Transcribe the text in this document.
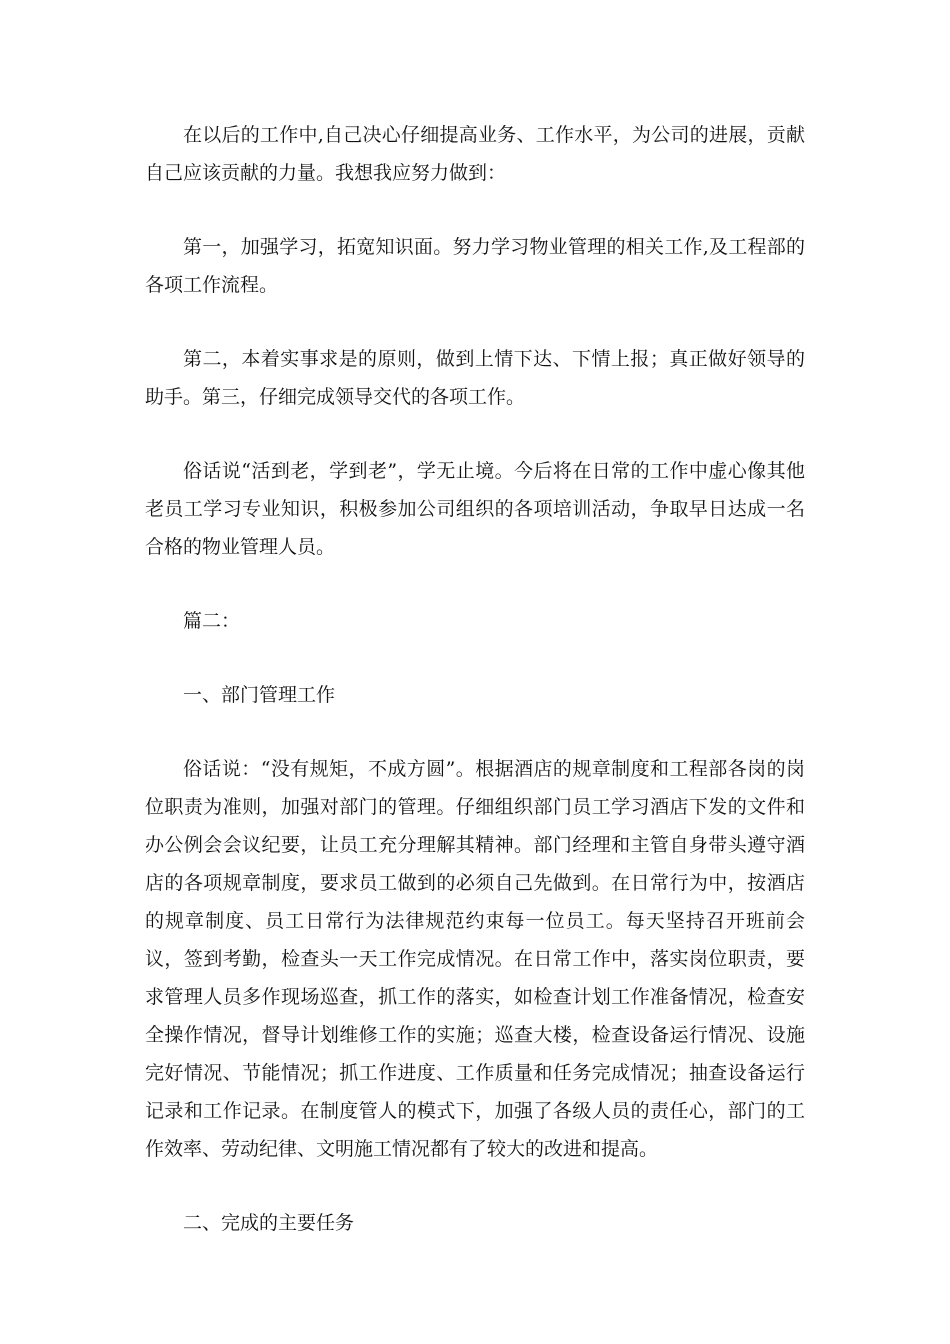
在以后的工作中,自己决心仔细提高业务、工作水平，为公司的进展，贡献自己应该贡献的力量。我想我应努力做到：

第一，加强学习，拓宽知识面。努力学习物业管理的相关工作,及工程部的各项工作流程。

第二，本着实事求是的原则，做到上情下达、下情上报；真正做好领导的助手。第三，仔细完成领导交代的各项工作。

俗话说“活到老，学到老”，学无止境。今后将在日常的工作中虚心像其他老员工学习专业知识，积极参加公司组织的各项培训活动，争取早日达成一名合格的物业管理人员。

篇二：

一、部门管理工作

俗话说：“没有规矩，不成方圆”。根据酒店的规章制度和工程部各岗的岗位职责为准则，加强对部门的管理。仔细组织部门员工学习酒店下发的文件和办公例会会议纪要，让员工充分理解其精神。部门经理和主管自身带头遵守酒店的各项规章制度，要求员工做到的必须自己先做到。在日常行为中，按酒店的规章制度、员工日常行为法律规范约束每一位员工。每天坚持召开班前会议，签到考勤，检查头一天工作完成情况。在日常工作中，落实岗位职责，要求管理人员多作现场巡查，抓工作的落实，如检查计划工作准备情况，检查安全操作情况，督导计划维修工作的实施；巡查大楼，检查设备运行情况、设施完好情况、节能情况；抓工作进度、工作质量和任务完成情况；抽查设备运行记录和工作记录。在制度管人的模式下，加强了各级人员的责任心，部门的工作效率、劳动纪律、文明施工情况都有了较大的改进和提高。

二、完成的主要任务
